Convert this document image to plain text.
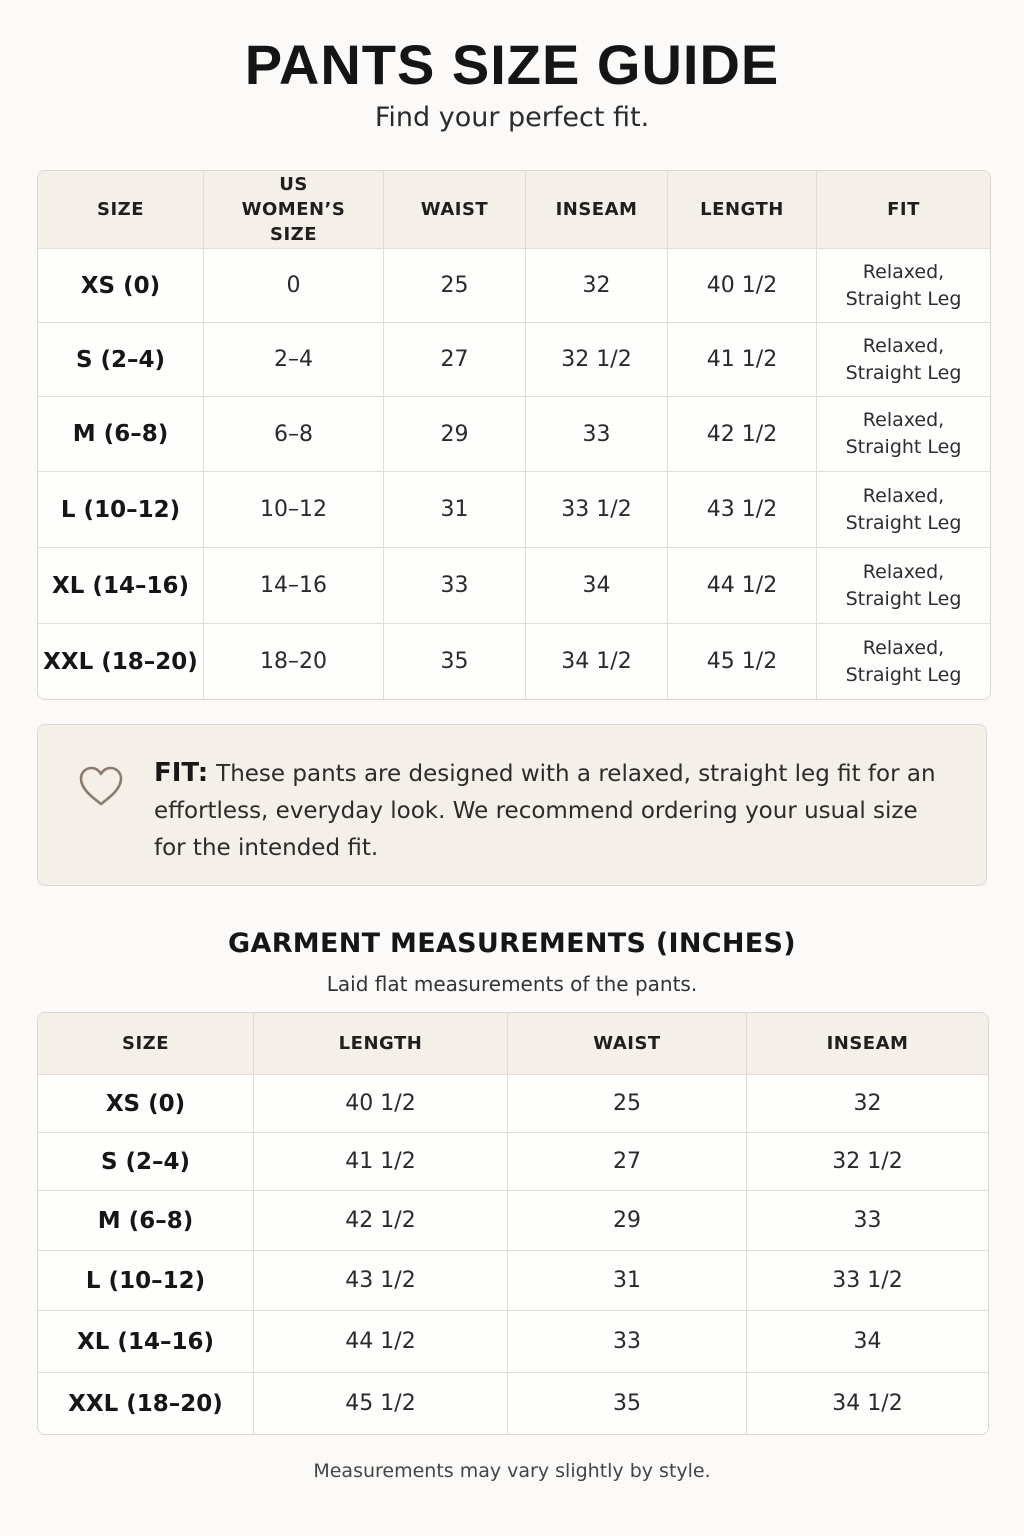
PANTS SIZE GUIDE
Find your perfect fit.
SIZE	US WOMEN’S SIZE	WAIST	INSEAM	LENGTH	FIT
XS (0)	0	25	32	40 1/2	Relaxed, Straight Leg
S (2–4)	2–4	27	32 1/2	41 1/2	Relaxed, Straight Leg
M (6–8)	6–8	29	33	42 1/2	Relaxed, Straight Leg
L (10–12)	10–12	31	33 1/2	43 1/2	Relaxed, Straight Leg
XL (14–16)	14–16	33	34	44 1/2	Relaxed, Straight Leg
XXL (18–20)	18–20	35	34 1/2	45 1/2	Relaxed, Straight Leg
FIT: These pants are designed with a relaxed, straight leg fit for an effortless, everyday look. We recommend ordering your usual size for the intended fit.
GARMENT MEASUREMENTS (INCHES)
Laid flat measurements of the pants.
SIZE	LENGTH	WAIST	INSEAM
XS (0)	40 1/2	25	32
S (2–4)	41 1/2	27	32 1/2
M (6–8)	42 1/2	29	33
L (10–12)	43 1/2	31	33 1/2
XL (14–16)	44 1/2	33	34
XXL (18–20)	45 1/2	35	34 1/2
Measurements may vary slightly by style.
